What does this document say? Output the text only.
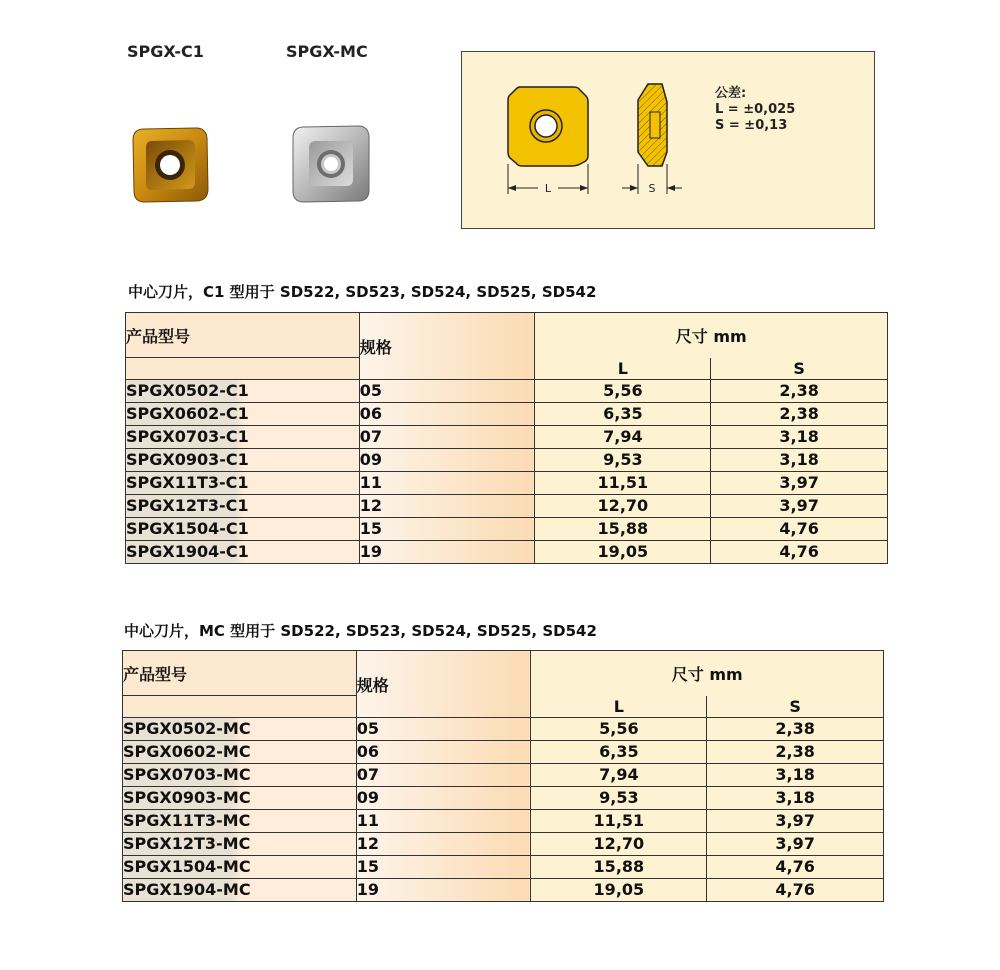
SPGX-C1	SPGX-MC
L	S
公差:
L = ±0,025
S = ±0,13
中心刀片，C1 型用于 SD522, SD523, SD524, SD525, SD542
产品型号	规格	尺寸 mm	
		L	S
SPGX0502-C1	05	5,56	2,38
SPGX0602-C1	06	6,35	2,38
SPGX0703-C1	07	7,94	3,18
SPGX0903-C1	09	9,53	3,18
SPGX11T3-C1	11	11,51	3,97
SPGX12T3-C1	12	12,70	3,97
SPGX1504-C1	15	15,88	4,76
SPGX1904-C1	19	19,05	4,76
中心刀片，MC 型用于 SD522, SD523, SD524, SD525, SD542
产品型号	规格	尺寸 mm	
		L	S
SPGX0502-MC	05	5,56	2,38
SPGX0602-MC	06	6,35	2,38
SPGX0703-MC	07	7,94	3,18
SPGX0903-MC	09	9,53	3,18
SPGX11T3-MC	11	11,51	3,97
SPGX12T3-MC	12	12,70	3,97
SPGX1504-MC	15	15,88	4,76
SPGX1904-MC	19	19,05	4,76
